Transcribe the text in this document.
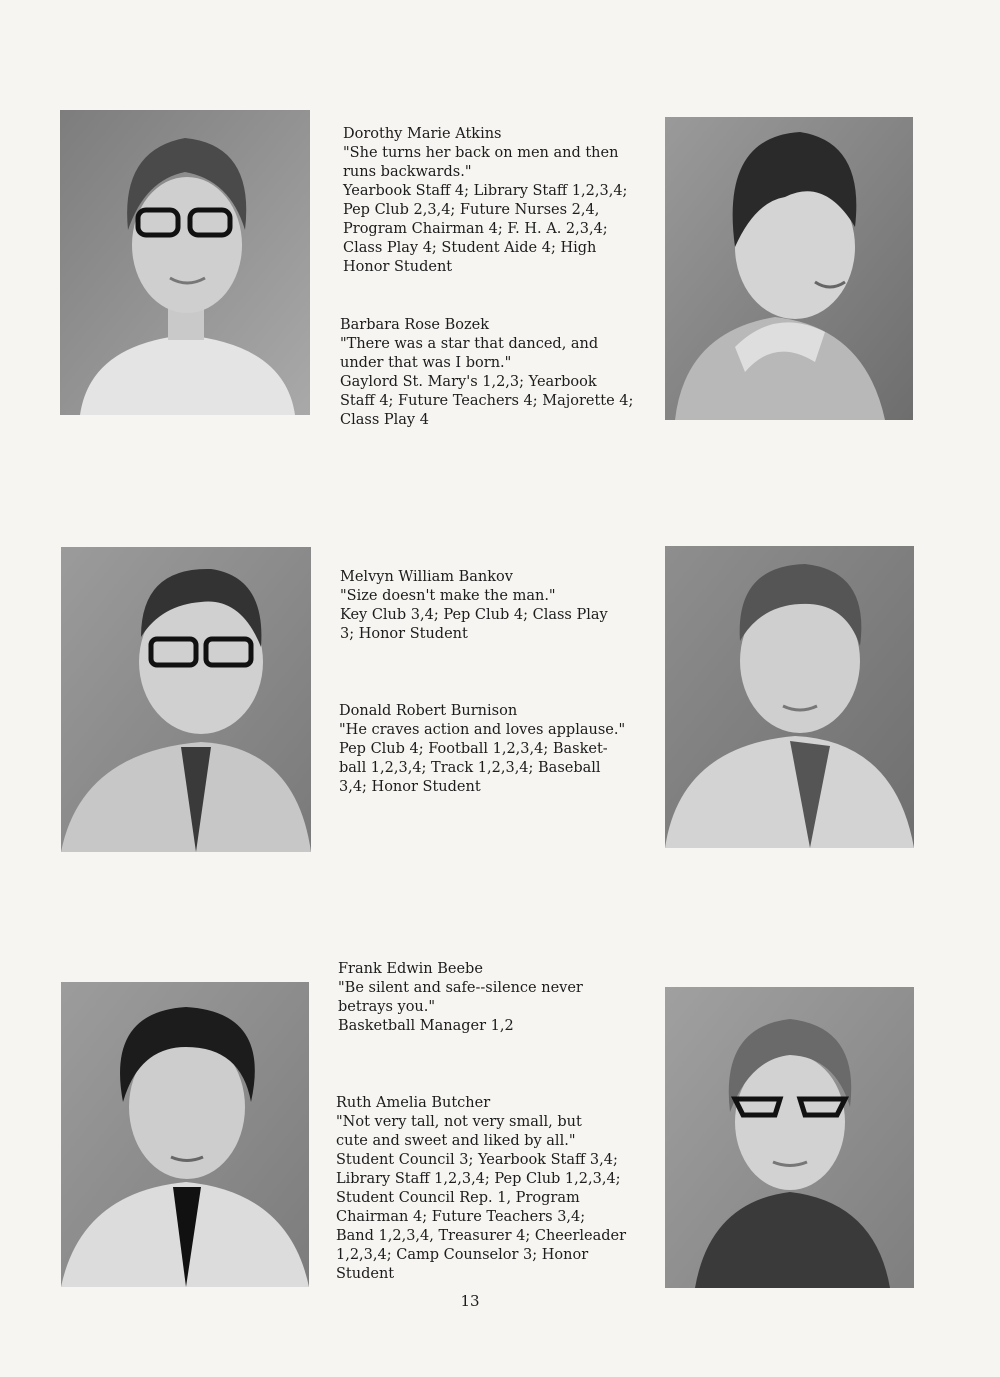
Dorothy Marie Atkins
"She turns her back on men and then
runs backwards."
Yearbook Staff 4; Library Staff 1,2,3,4;
Pep Club 2,3,4; Future Nurses 2,4,
Program Chairman 4; F. H. A. 2,3,4;
Class Play 4; Student Aide 4; High
Honor Student
Barbara Rose Bozek
"There was a star that danced, and
under that was I born."
Gaylord St. Mary's 1,2,3; Yearbook
Staff 4; Future Teachers 4; Majorette 4;
Class Play 4
Melvyn William Bankov
"Size doesn't make the man."
Key Club 3,4; Pep Club 4; Class Play
3; Honor Student
Donald Robert Burnison
"He craves action and loves applause."
Pep Club 4; Football 1,2,3,4; Basket-
ball 1,2,3,4; Track 1,2,3,4; Baseball
3,4; Honor Student
Frank Edwin Beebe
"Be silent and safe--silence never
betrays you."
Basketball Manager 1,2
Ruth Amelia Butcher
"Not very tall, not very small, but
cute and sweet and liked by all."
Student Council 3; Yearbook Staff 3,4;
Library Staff 1,2,3,4; Pep Club 1,2,3,4;
Student Council Rep. 1, Program
Chairman 4; Future Teachers 3,4;
Band 1,2,3,4, Treasurer 4; Cheerleader
1,2,3,4; Camp Counselor 3; Honor
Student
13
